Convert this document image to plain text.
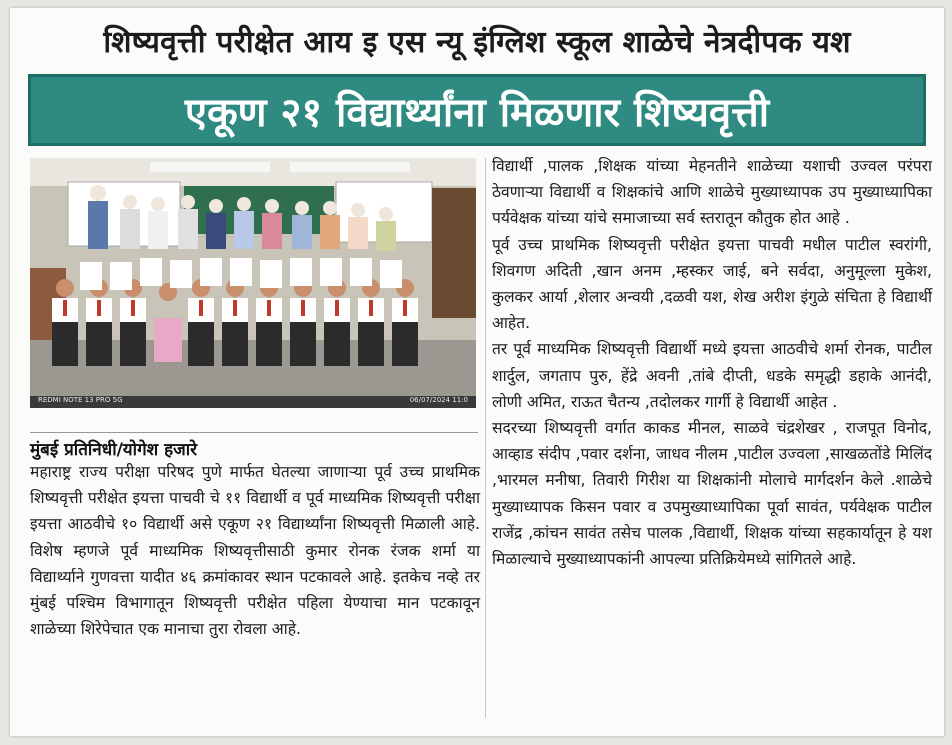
शिष्यवृत्ती परीक्षेत आय इ एस न्यू इंग्लिश स्कूल शाळेचे नेत्रदीपक यश
एकूण २१ विद्यार्थ्यांना मिळणार शिष्यवृत्ती
REDMI NOTE 13 PRO 5G	06/07/2024 11:0
मुंबई प्रतिनिधी/योगेश हजारे

महाराष्ट्र राज्य परीक्षा परिषद पुणे मार्फत घेतल्या जाणाऱ्या पूर्व उच्च प्राथमिक शिष्यवृत्ती परीक्षेत इयत्ता पाचवी चे ११ विद्यार्थी व पूर्व माध्यमिक शिष्यवृत्ती परीक्षा इयत्ता आठवीचे १० विद्यार्थी असे एकूण २१ विद्यार्थ्यांना शिष्यवृत्ती मिळाली आहे. विशेष म्हणजे पूर्व माध्यमिक शिष्यवृत्तीसाठी कुमार रोनक रंजक शर्मा या विद्यार्थ्याने गुणवत्ता यादीत ४६ क्रमांकावर स्थान पटकावले आहे. इतकेच नव्हे तर मुंबई पश्चिम विभागातून शिष्यवृत्ती परीक्षेत पहिला येण्याचा मान पटकावून शाळेच्या शिरेपेचात एक मानाचा तुरा रोवला आहे.

विद्यार्थी ,पालक ,शिक्षक यांच्या मेहनतीने शाळेच्या यशाची उज्वल परंपरा ठेवणाऱ्या विद्यार्थी व शिक्षकांचे आणि शाळेचे मुख्याध्यापक उप मुख्याध्यापिका पर्यवेक्षक यांच्या यांचे समाजाच्या सर्व स्तरातून कौतुक होत आहे .

पूर्व उच्च प्राथमिक शिष्यवृत्ती परीक्षेत इयत्ता पाचवी मधील पाटील स्वरांगी, शिवगण अदिती ,खान अनम ,म्हस्कर जाई, बने सर्वदा, अनुमूल्ला मुकेश, कुलकर आर्या ,शेलार अन्वयी ,दळवी यश, शेख अरीश इंगुळे संचिता हे विद्यार्थी आहेत.

तर पूर्व माध्यमिक शिष्यवृत्ती विद्यार्थी मध्ये इयत्ता आठवीचे शर्मा रोनक, पाटील शार्दुल, जगताप पुरु, हेंद्रे अवनी ,तांबे दीप्ती, धडके समृद्धी डहाके आनंदी, लोणी अमित, राऊत चैतन्य ,तदोलकर गार्गी हे विद्यार्थी आहेत .

सदरच्या शिष्यवृत्ती वर्गात काकड मीनल, साळवे चंद्रशेखर , राजपूत विनोद, आव्हाड संदीप ,पवार दर्शना, जाधव नीलम ,पाटील उज्वला ,साखळतोंडे मिलिंद ,भारमल मनीषा, तिवारी गिरीश या शिक्षकांनी मोलाचे मार्गदर्शन केले .शाळेचे मुख्याध्यापक किसन पवार व उपमुख्याध्यापिका पूर्वा सावंत, पर्यवेक्षक पाटील राजेंद्र ,कांचन सावंत तसेच पालक ,विद्यार्थी, शिक्षक यांच्या सहकार्यातून हे यश मिळाल्याचे मुख्याध्यापकांनी आपल्या प्रतिक्रियेमध्ये सांगितले आहे.
